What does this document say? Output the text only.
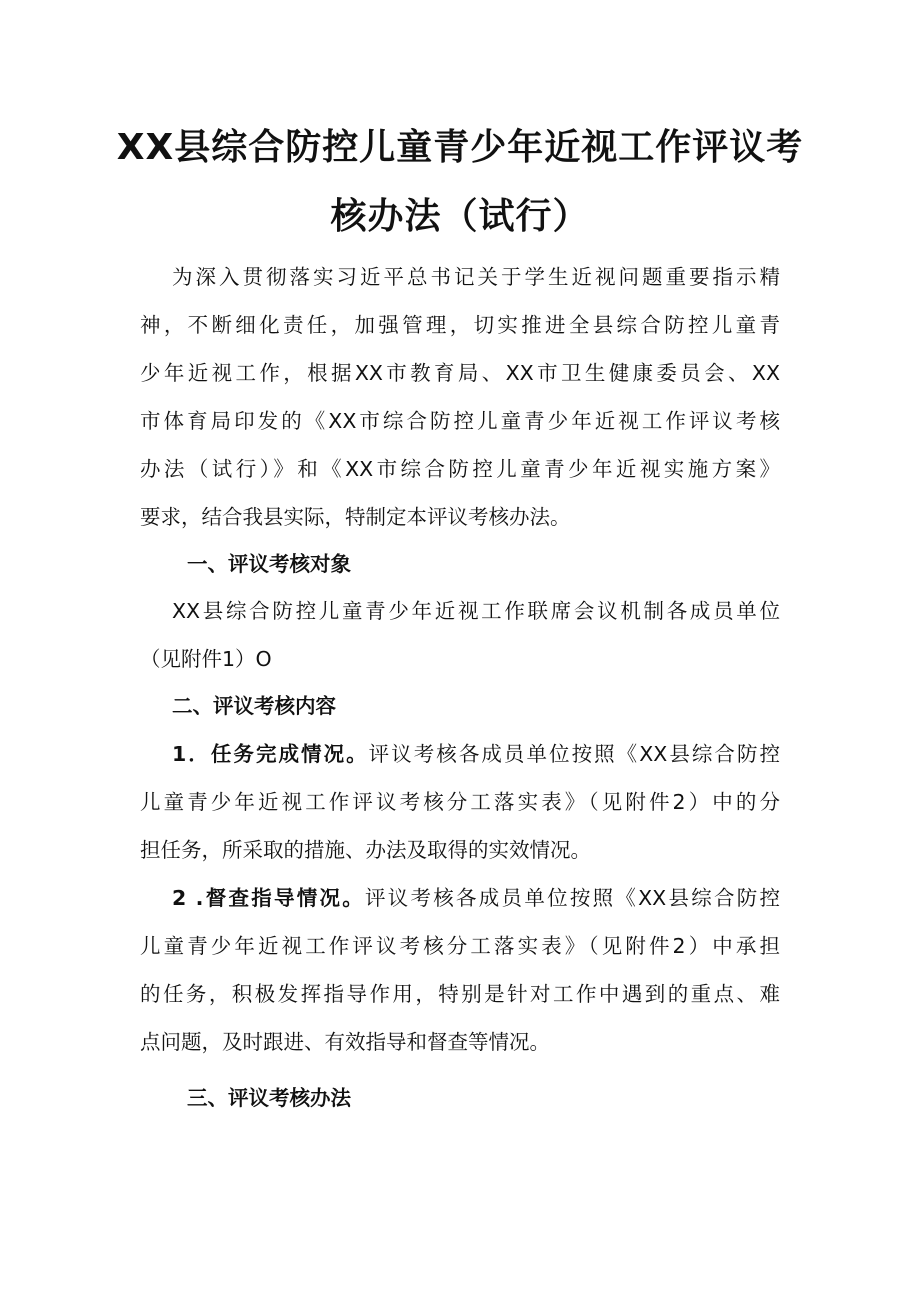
XX县综合防控儿童青少年近视工作评议考
核办法（试行）
为深入贯彻落实习近平总书记关于学生近视问题重要指示精
神，不断细化责任，加强管理，切实推进全县综合防控儿童青
少年近视工作，根据XX市教育局、XX市卫生健康委员会、XX
市体育局印发的《XX市综合防控儿童青少年近视工作评议考核
办法（试行）》和《XX市综合防控儿童青少年近视实施方案》
要求，结合我县实际，特制定本评议考核办法。
一、评议考核对象
XX县综合防控儿童青少年近视工作联席会议机制各成员单位
（见附件1）O
二、评议考核内容
1．任务完成情况。评议考核各成员单位按照《XX县综合防控
儿童青少年近视工作评议考核分工落实表》（见附件2）中的分
担任务，所采取的措施、办法及取得的实效情况。
2 .督查指导情况。评议考核各成员单位按照《XX县综合防控
儿童青少年近视工作评议考核分工落实表》（见附件2）中承担
的任务，积极发挥指导作用，特别是针对工作中遇到的重点、难
点问题，及时跟进、有效指导和督查等情况。
三、评议考核办法
